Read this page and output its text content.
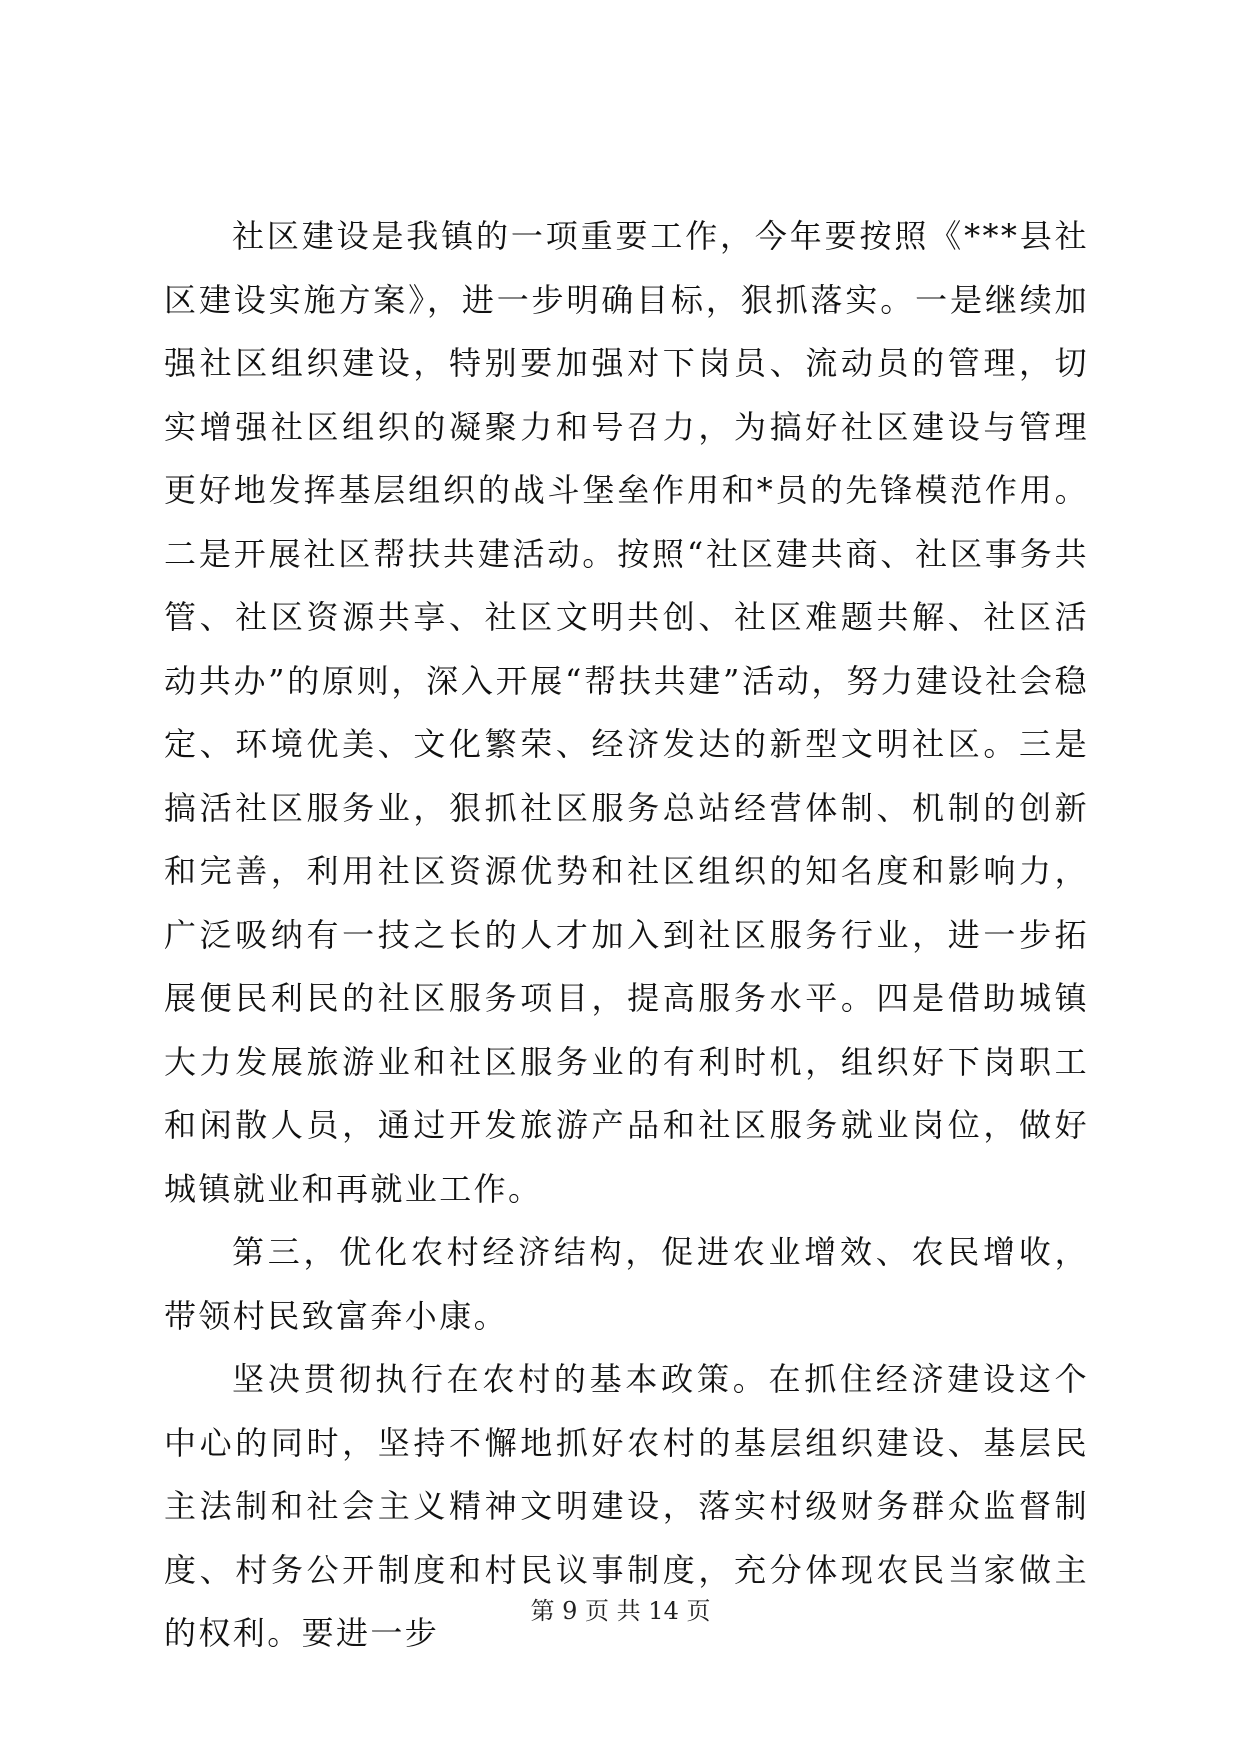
社区建设是我镇的一项重要工作，今年要按照《***县社区建设实施方案》，进一步明确目标，狠抓落实。一是继续加强社区组织建设，特别要加强对下岗员、流动员的管理，切实增强社区组织的凝聚力和号召力，为搞好社区建设与管理更好地发挥基层组织的战斗堡垒作用和*员的先锋模范作用。二是开展社区帮扶共建活动。按照“社区建共商、社区事务共管、社区资源共享、社区文明共创、社区难题共解、社区活动共办”的原则，深入开展“帮扶共建”活动，努力建设社会稳定、环境优美、文化繁荣、经济发达的新型文明社区。三是搞活社区服务业，狠抓社区服务总站经营体制、机制的创新和完善，利用社区资源优势和社区组织的知名度和影响力，广泛吸纳有一技之长的人才加入到社区服务行业，进一步拓展便民利民的社区服务项目，提高服务水平。四是借助城镇大力发展旅游业和社区服务业的有利时机，组织好下岗职工和闲散人员，通过开发旅游产品和社区服务就业岗位，做好城镇就业和再就业工作。

第三，优化农村经济结构，促进农业增效、农民增收，带领村民致富奔小康。

坚决贯彻执行在农村的基本政策。在抓住经济建设这个中心的同时，坚持不懈地抓好农村的基层组织建设、基层民主法制和社会主义精神文明建设，落实村级财务群众监督制度、村务公开制度和村民议事制度，充分体现农民当家做主的权利。要进一步

第 9 页 共 14 页
